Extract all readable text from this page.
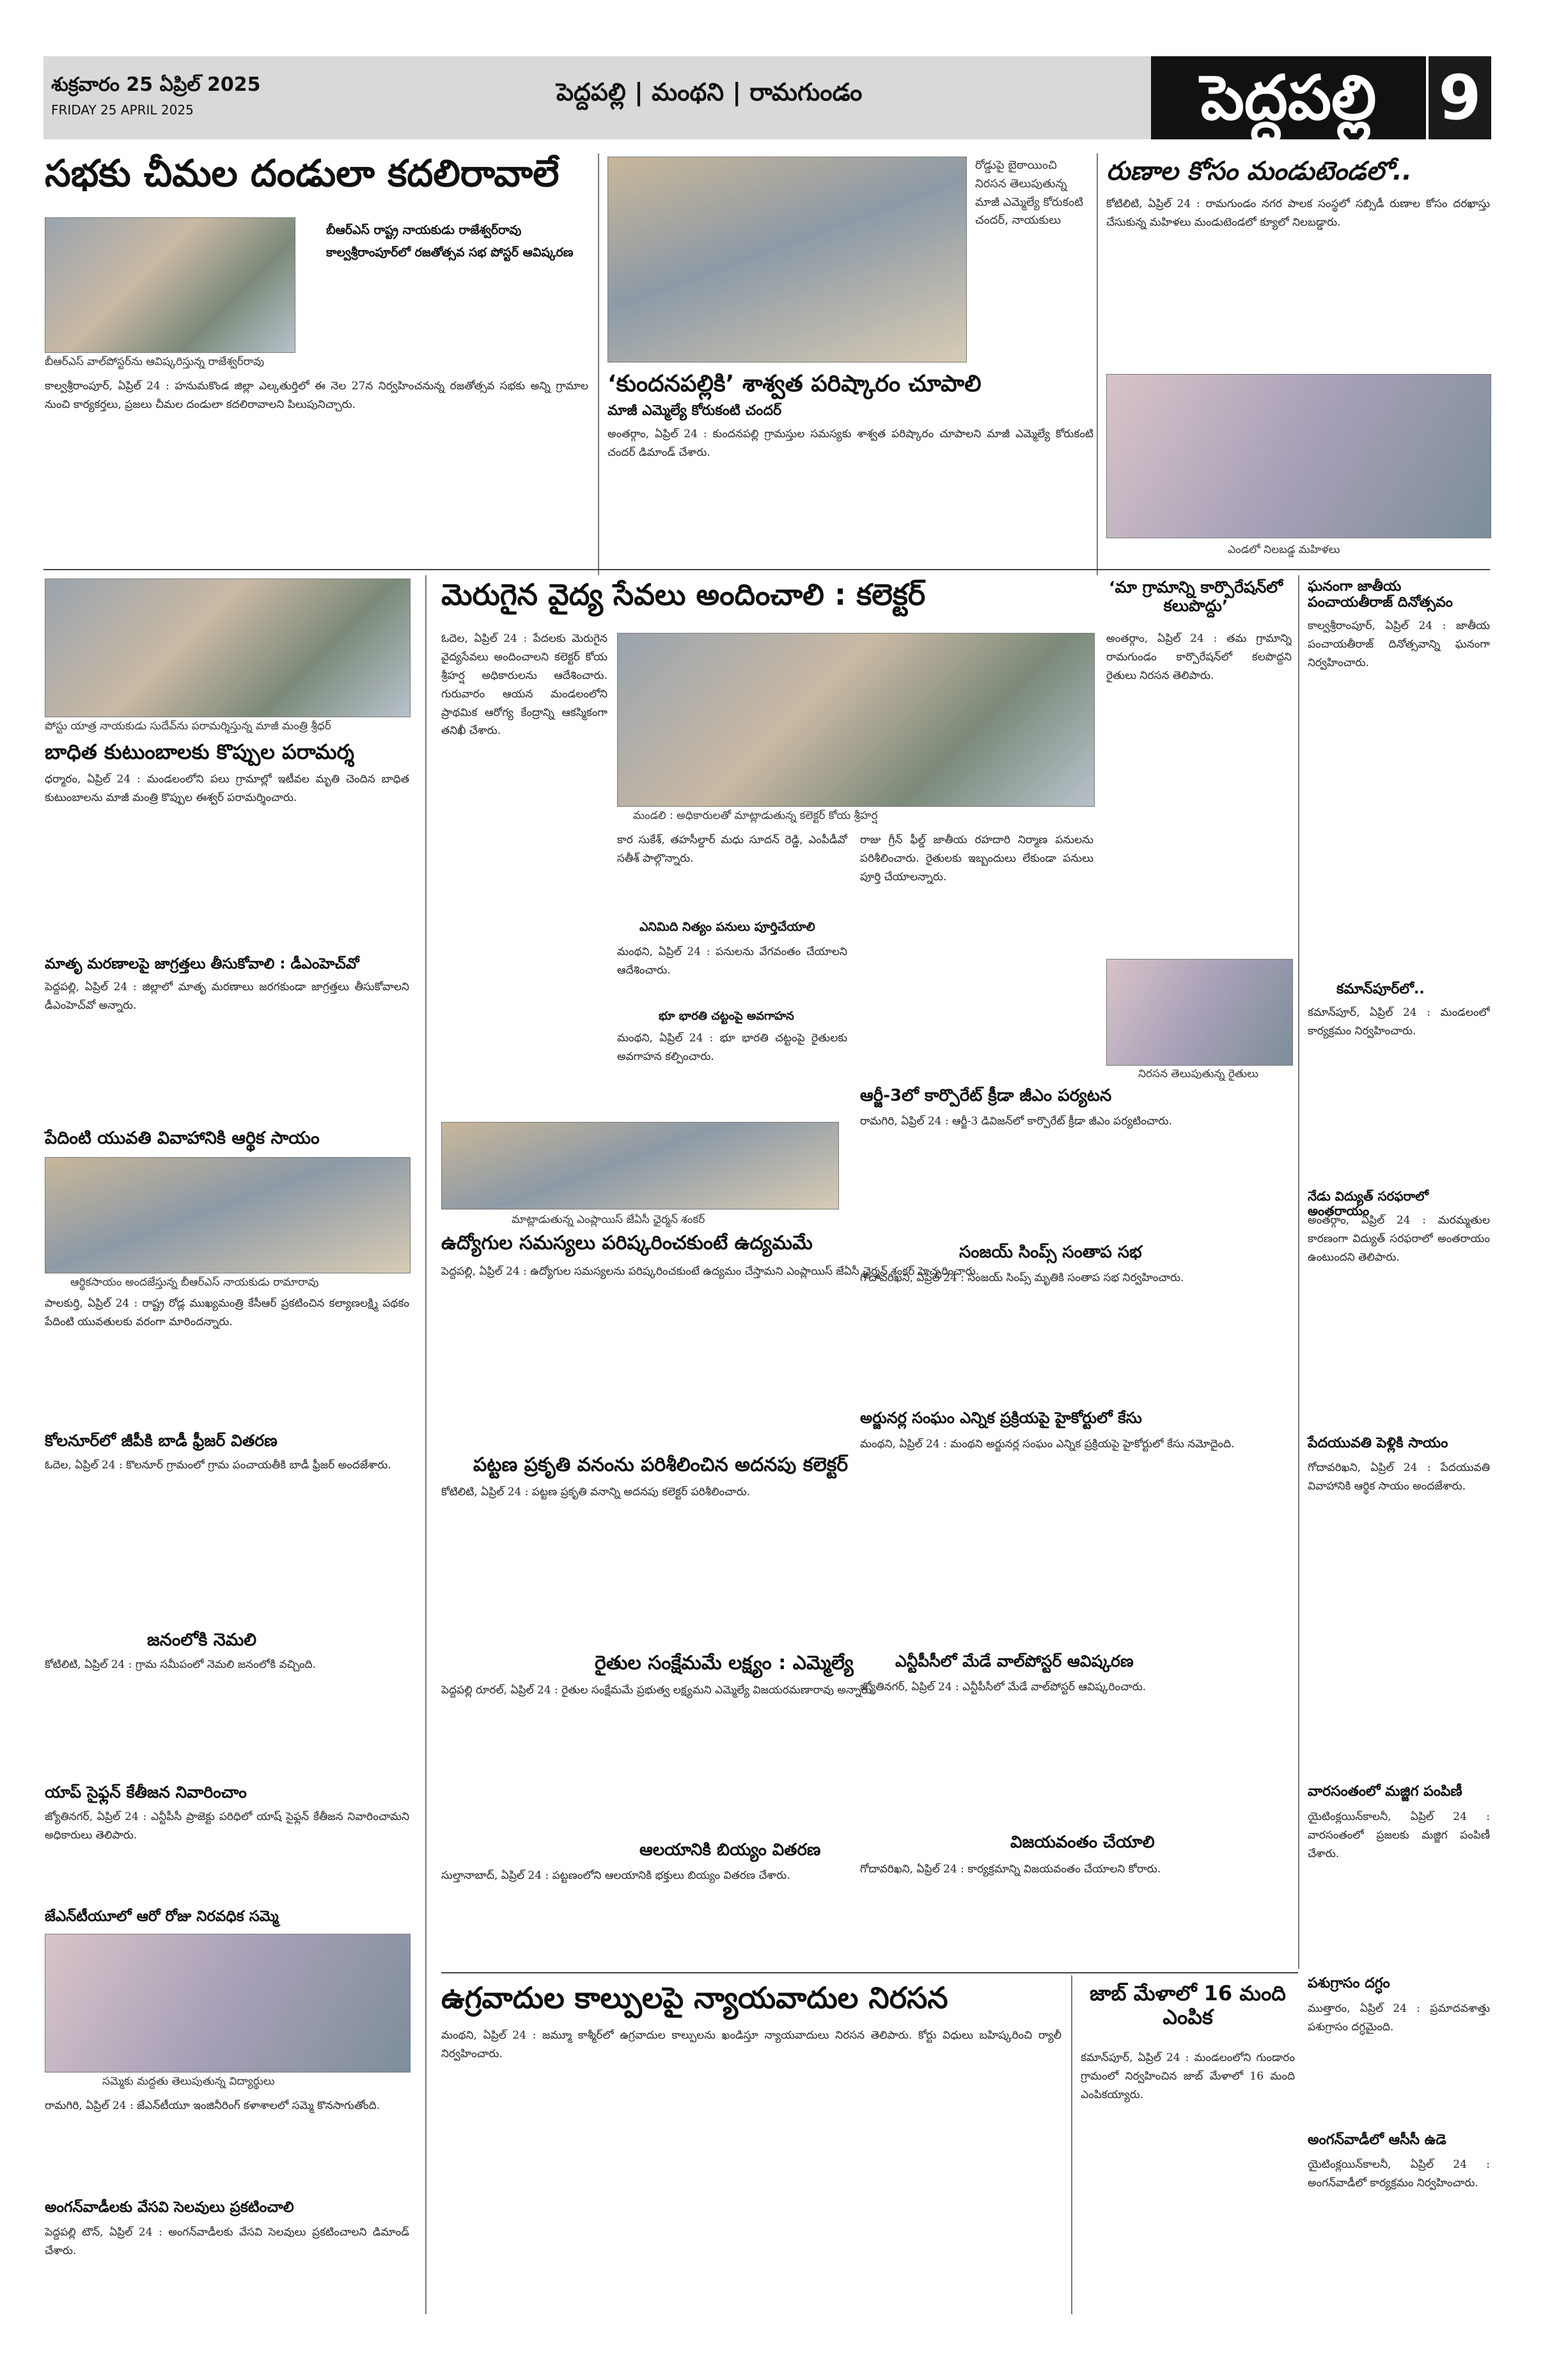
శుక్రవారం 25 ఏప్రిల్ 2025
FRIDAY 25 APRIL 2025
పెద్దపల్లి | మంథని | రామగుండం	పెద్దపల్లి	9
సభకు చీమల దండులా కదలిరావాలే
బీఆర్ఎస్ వాల్‌పోస్టర్‌ను ఆవిష్కరిస్తున్న రాజేశ్వర్‌రావు
బీఆర్ఎస్ రాష్ట్ర నాయకుడు రాజేశ్వర్‌రావు
కాల్వశ్రీరాంపూర్‌లో రజతోత్సవ సభ పోస్టర్ ఆవిష్కరణ
కాల్వశ్రీరాంపూర్, ఏప్రిల్ 24 : హనుమకొండ జిల్లా ఎల్కతుర్తిలో ఈ నెల 27న నిర్వహించనున్న రజతోత్సవ సభకు అన్ని గ్రామాల నుంచి కార్యకర్తలు, ప్రజలు చీమల దండులా కదలిరావాలని పిలుపునిచ్చారు.
రోడ్డుపై బైఠాయించి నిరసన తెలుపుతున్న మాజీ ఎమ్మెల్యే కోరుకంటి చందర్, నాయకులు
‘కుందనపల్లికి’ శాశ్వత పరిష్కారం చూపాలి
మాజీ ఎమ్మెల్యే కోరుకంటి చందర్
అంతర్గాం, ఏప్రిల్ 24 : కుందనపల్లి గ్రామస్తుల సమస్యకు శాశ్వత పరిష్కారం చూపాలని మాజీ ఎమ్మెల్యే కోరుకంటి చందర్ డిమాండ్ చేశారు.
రుణాల కోసం మండుటెండలో..
కోటిలిటి, ఏప్రిల్ 24 : రామగుండం నగర పాలక సంస్థలో సబ్సిడీ రుణాల కోసం దరఖాస్తు చేసుకున్న మహిళలు మండుటెండలో క్యూలో నిలబడ్డారు.
ఎండలో నిలబడ్డ మహిళలు
పోస్టు యాత్ర నాయకుడు సుదేవ్‌ను పరామర్శిస్తున్న మాజీ మంత్రి శ్రీధర్
బాధిత కుటుంబాలకు కొప్పుల పరామర్శ
ధర్మారం, ఏప్రిల్ 24 : మండలంలోని పలు గ్రామాల్లో ఇటీవల మృతి చెందిన బాధిత కుటుంబాలను మాజీ మంత్రి కొప్పుల ఈశ్వర్ పరామర్శించారు.
మాతృ మరణాలపై జాగ్రత్తలు తీసుకోవాలి : డీఎంహెచ్‌వో
పెద్దపల్లి, ఏప్రిల్ 24 : జిల్లాలో మాతృ మరణాలు జరగకుండా జాగ్రత్తలు తీసుకోవాలని డీఎంహెచ్‌వో అన్నారు.
పేదింటి యువతి వివాహానికి ఆర్థిక సాయం
ఆర్థికసాయం అందజేస్తున్న బీఆర్ఎస్ నాయకుడు రామారావు
పాలకుర్తి, ఏప్రిల్ 24 : రాష్ట్ర రోడ్ల ముఖ్యమంత్రి కేసీఆర్ ప్రకటించిన కల్యాణలక్ష్మి పథకం పేదింటి యువతులకు వరంగా మారిందన్నారు.
కోలనూర్‌లో జీపీకి బాడీ ఫ్రీజర్ వితరణ
ఓదెల, ఏప్రిల్ 24 : కొలనూర్ గ్రామంలో గ్రామ పంచాయతీకి బాడీ ఫ్రీజర్ అందజేశారు.
జనంలోకి నెమలి
కోటిలిటి, ఏప్రిల్ 24 : గ్రామ సమీపంలో నెమలి జనంలోకి వచ్చింది.
యాప్ సైఫ్లన్ కేతీజన నివారించాం
జ్యోతినగర్, ఏప్రిల్ 24 : ఎన్టీపీసీ ప్రాజెక్టు పరిధిలో యాష్ సైఫ్లన్ కేతీజన నివారించామని అధికారులు తెలిపారు.
జేఎన్‌టీయూలో ఆరో రోజు నిరవధిక సమ్మె
సమ్మెకు మద్దతు తెలుపుతున్న విద్యార్థులు
రామగిరి, ఏప్రిల్ 24 : జేఎన్‌టీయూ ఇంజినీరింగ్ కళాశాలలో సమ్మె కొనసాగుతోంది.
అంగన్‌వాడీలకు వేసవి సెలవులు ప్రకటించాలి
పెద్దపల్లి టౌన్, ఏప్రిల్ 24 : అంగన్‌వాడీలకు వేసవి సెలవులు ప్రకటించాలని డిమాండ్ చేశారు.
మెరుగైన వైద్య సేవలు అందించాలి : కలెక్టర్
ఓదెల, ఏప్రిల్ 24 : పేదలకు మెరుగైన వైద్యసేవలు అందించాలని కలెక్టర్ కోయ శ్రీహర్ష అధికారులను ఆదేశించారు. గురువారం ఆయన మండలంలోని ప్రాథమిక ఆరోగ్య కేంద్రాన్ని ఆకస్మికంగా తనిఖీ చేశారు.
మండలి : అధికారులతో మాట్లాడుతున్న కలెక్టర్ కోయ శ్రీహర్ష
కార సుకేశ్, తహసీల్దార్ మధు సూదన్ రెడ్డి, ఎంపీడీవో సతీశ్ పాల్గొన్నారు.
ఎనిమిది నిత్యం పనులు పూర్తిచేయాలి
మంథని, ఏప్రిల్ 24 : పనులను వేగవంతం చేయాలని ఆదేశించారు.
భూ భారతి చట్టంపై అవగాహన
మంథని, ఏప్రిల్ 24 : భూ భారతి చట్టంపై రైతులకు అవగాహన కల్పించారు.
రాజు గ్రీన్ ఫీల్డ్ జాతీయ రహదారి నిర్మాణ పనులను పరిశీలించారు. రైతులకు ఇబ్బందులు లేకుండా పనులు పూర్తి చేయాలన్నారు.
మాట్లాడుతున్న ఎంప్లాయిస్ జేఏసీ ఛైర్మన్ శంకర్
ఉద్యోగుల సమస్యలు పరిష్కరించకుంటే ఉద్యమమే
పెద్దపల్లి, ఏప్రిల్ 24 : ఉద్యోగుల సమస్యలను పరిష్కరించకుంటే ఉద్యమం చేస్తామని ఎంప్లాయిస్ జేఏసీ ఛైర్మన్ శంకర్ హెచ్చరించారు.
పట్టణ ప్రకృతి వనంను పరిశీలించిన అదనపు కలెక్టర్
కోటిలిటి, ఏప్రిల్ 24 : పట్టణ ప్రకృతి వనాన్ని అదనపు కలెక్టర్ పరిశీలించారు.
రైతుల సంక్షేమమే లక్ష్యం : ఎమ్మెల్యే
పెద్దపల్లి రూరల్, ఏప్రిల్ 24 : రైతుల సంక్షేమమే ప్రభుత్వ లక్ష్యమని ఎమ్మెల్యే విజయరమణారావు అన్నారు.
ఆలయానికి బియ్యం వితరణ
సుల్తానాబాద్, ఏప్రిల్ 24 : పట్టణంలోని ఆలయానికి భక్తులు బియ్యం వితరణ చేశారు.
‘మా గ్రామాన్ని కార్పొరేషన్‌లో కలుపొద్దు’
అంతర్గాం, ఏప్రిల్ 24 : తమ గ్రామాన్ని రామగుండం కార్పొరేషన్‌లో కలపొద్దని రైతులు నిరసన తెలిపారు.
నిరసన తెలుపుతున్న రైతులు
ఆర్జీ-3లో కార్పొరేట్ క్రీడా జీఎం పర్యటన
రామగిరి, ఏప్రిల్ 24 : ఆర్జీ-3 డివిజన్‌లో కార్పొరేట్ క్రీడా జీఎం పర్యటించారు.
సంజయ్ సింప్స్ సంతాప సభ
గోదావరిఖని, ఏప్రిల్ 24 : సంజయ్ సింప్స్ మృతికి సంతాప సభ నిర్వహించారు.
అర్జునర్ల సంఘం ఎన్నిక ప్రక్రియపై హైకోర్టులో కేసు
మంథని, ఏప్రిల్ 24 : మంథని అర్జునర్ల సంఘం ఎన్నిక ప్రక్రియపై హైకోర్టులో కేసు నమోదైంది.
ఎన్టీపీసీలో మేడే వాల్‌పోస్టర్ ఆవిష్కరణ
జ్యోతినగర్, ఏప్రిల్ 24 : ఎన్టీపీసీలో మేడే వాల్‌పోస్టర్ ఆవిష్కరించారు.
విజయవంతం చేయాలి
గోదావరిఖని, ఏప్రిల్ 24 : కార్యక్రమాన్ని విజయవంతం చేయాలని కోరారు.
ఘనంగా జాతీయ పంచాయతీరాజ్ దినోత్సవం
కాల్వశ్రీరాంపూర్, ఏప్రిల్ 24 : జాతీయ పంచాయతీరాజ్ దినోత్సవాన్ని ఘనంగా నిర్వహించారు.
కమాన్‌పూర్‌లో..
కమాన్‌పూర్, ఏప్రిల్ 24 : మండలంలో కార్యక్రమం నిర్వహించారు.
నేడు విద్యుత్ సరఫరాలో అంతరాయం
అంతర్గాం, ఏప్రిల్ 24 : మరమ్మతుల కారణంగా విద్యుత్ సరఫరాలో అంతరాయం ఉంటుందని తెలిపారు.
పేదయువతి పెళ్లికి సాయం
గోదావరిఖని, ఏప్రిల్ 24 : పేదయువతి వివాహానికి ఆర్థిక సాయం అందజేశారు.
వారసంతంలో మజ్జిగ పంపిణీ
యైటింక్లయిన్‌కాలనీ, ఏప్రిల్ 24 : వారసంతంలో ప్రజలకు మజ్జిగ పంపిణీ చేశారు.
పశుగ్రాసం దగ్ధం
ముత్తారం, ఏప్రిల్ 24 : ప్రమాదవశాత్తు పశుగ్రాసం దగ్ధమైంది.
అంగన్‌వాడీలో ఆసీసీ ఉడె
యైటింక్లయిన్‌కాలనీ, ఏప్రిల్ 24 : అంగన్‌వాడీలో కార్యక్రమం నిర్వహించారు.
ఉగ్రవాదుల కాల్పులపై న్యాయవాదుల నిరసన
మంథని, ఏప్రిల్ 24 : జమ్మూ కాశ్మీర్‌లో ఉగ్రవాదుల కాల్పులను ఖండిస్తూ న్యాయవాదులు నిరసన తెలిపారు. కోర్టు విధులు బహిష్కరించి ర్యాలీ నిర్వహించారు.
జాబ్ మేళాలో 16 మంది ఎంపిక
కమాన్‌పూర్, ఏప్రిల్ 24 : మండలంలోని గుండారం గ్రామంలో నిర్వహించిన జాబ్ మేళాలో 16 మంది ఎంపికయ్యారు.
